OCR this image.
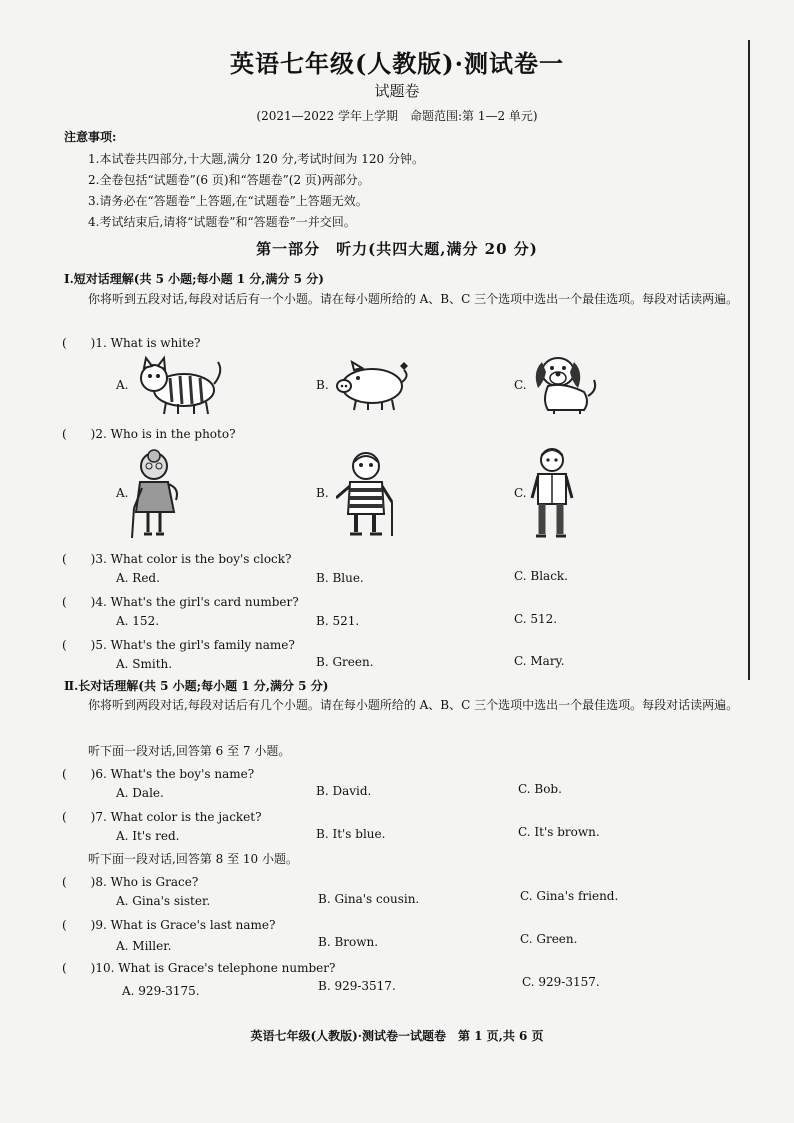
英语七年级(人教版)·测试卷一
试题卷
(2021—2022 学年上学期　命题范围:第 1—2 单元)
注意事项:
1.本试卷共四部分,十大题,满分 120 分,考试时间为 120 分钟。
2.全卷包括“试题卷”(6 页)和“答题卷”(2 页)两部分。
3.请务必在“答题卷”上答题,在“试题卷”上答题无效。
4.考试结束后,请将“试题卷”和“答题卷”一并交回。
第一部分　听力(共四大题,满分 20 分)
Ⅰ.短对话理解(共 5 小题;每小题 1 分,满分 5 分)
你将听到五段对话,每段对话后有一个小题。请在每小题所给的 A、B、C 三个选项中选出一个最佳选项。每段对话读两遍。
(　　)1. What is white?
A.	B.	C.
(　　)2. Who is in the photo?
A.	B.	C.
(　　)3. What color is the boy's clock?
A. Red.	B. Blue.	C. Black.
(　　)4. What's the girl's card number?
A. 152.	B. 521.	C. 512.
(　　)5. What's the girl's family name?
A. Smith.	B. Green.	C. Mary.
Ⅱ.长对话理解(共 5 小题;每小题 1 分,满分 5 分)
你将听到两段对话,每段对话后有几个小题。请在每小题所给的 A、B、C 三个选项中选出一个最佳选项。每段对话读两遍。
听下面一段对话,回答第 6 至 7 小题。
(　　)6. What's the boy's name?
A. Dale.	B. David.	C. Bob.
(　　)7. What color is the jacket?
A. It's red.	B. It's blue.	C. It's brown.
听下面一段对话,回答第 8 至 10 小题。
(　　)8. Who is Grace?
A. Gina's sister.	B. Gina's cousin.	C. Gina's friend.
(　　)9. What is Grace's last name?
A. Miller.	B. Brown.	C. Green.
(　　)10. What is Grace's telephone number?
A. 929-3175.	B. 929-3517.	C. 929-3157.
英语七年级(人教版)·测试卷一试题卷　第 1 页,共 6 页
